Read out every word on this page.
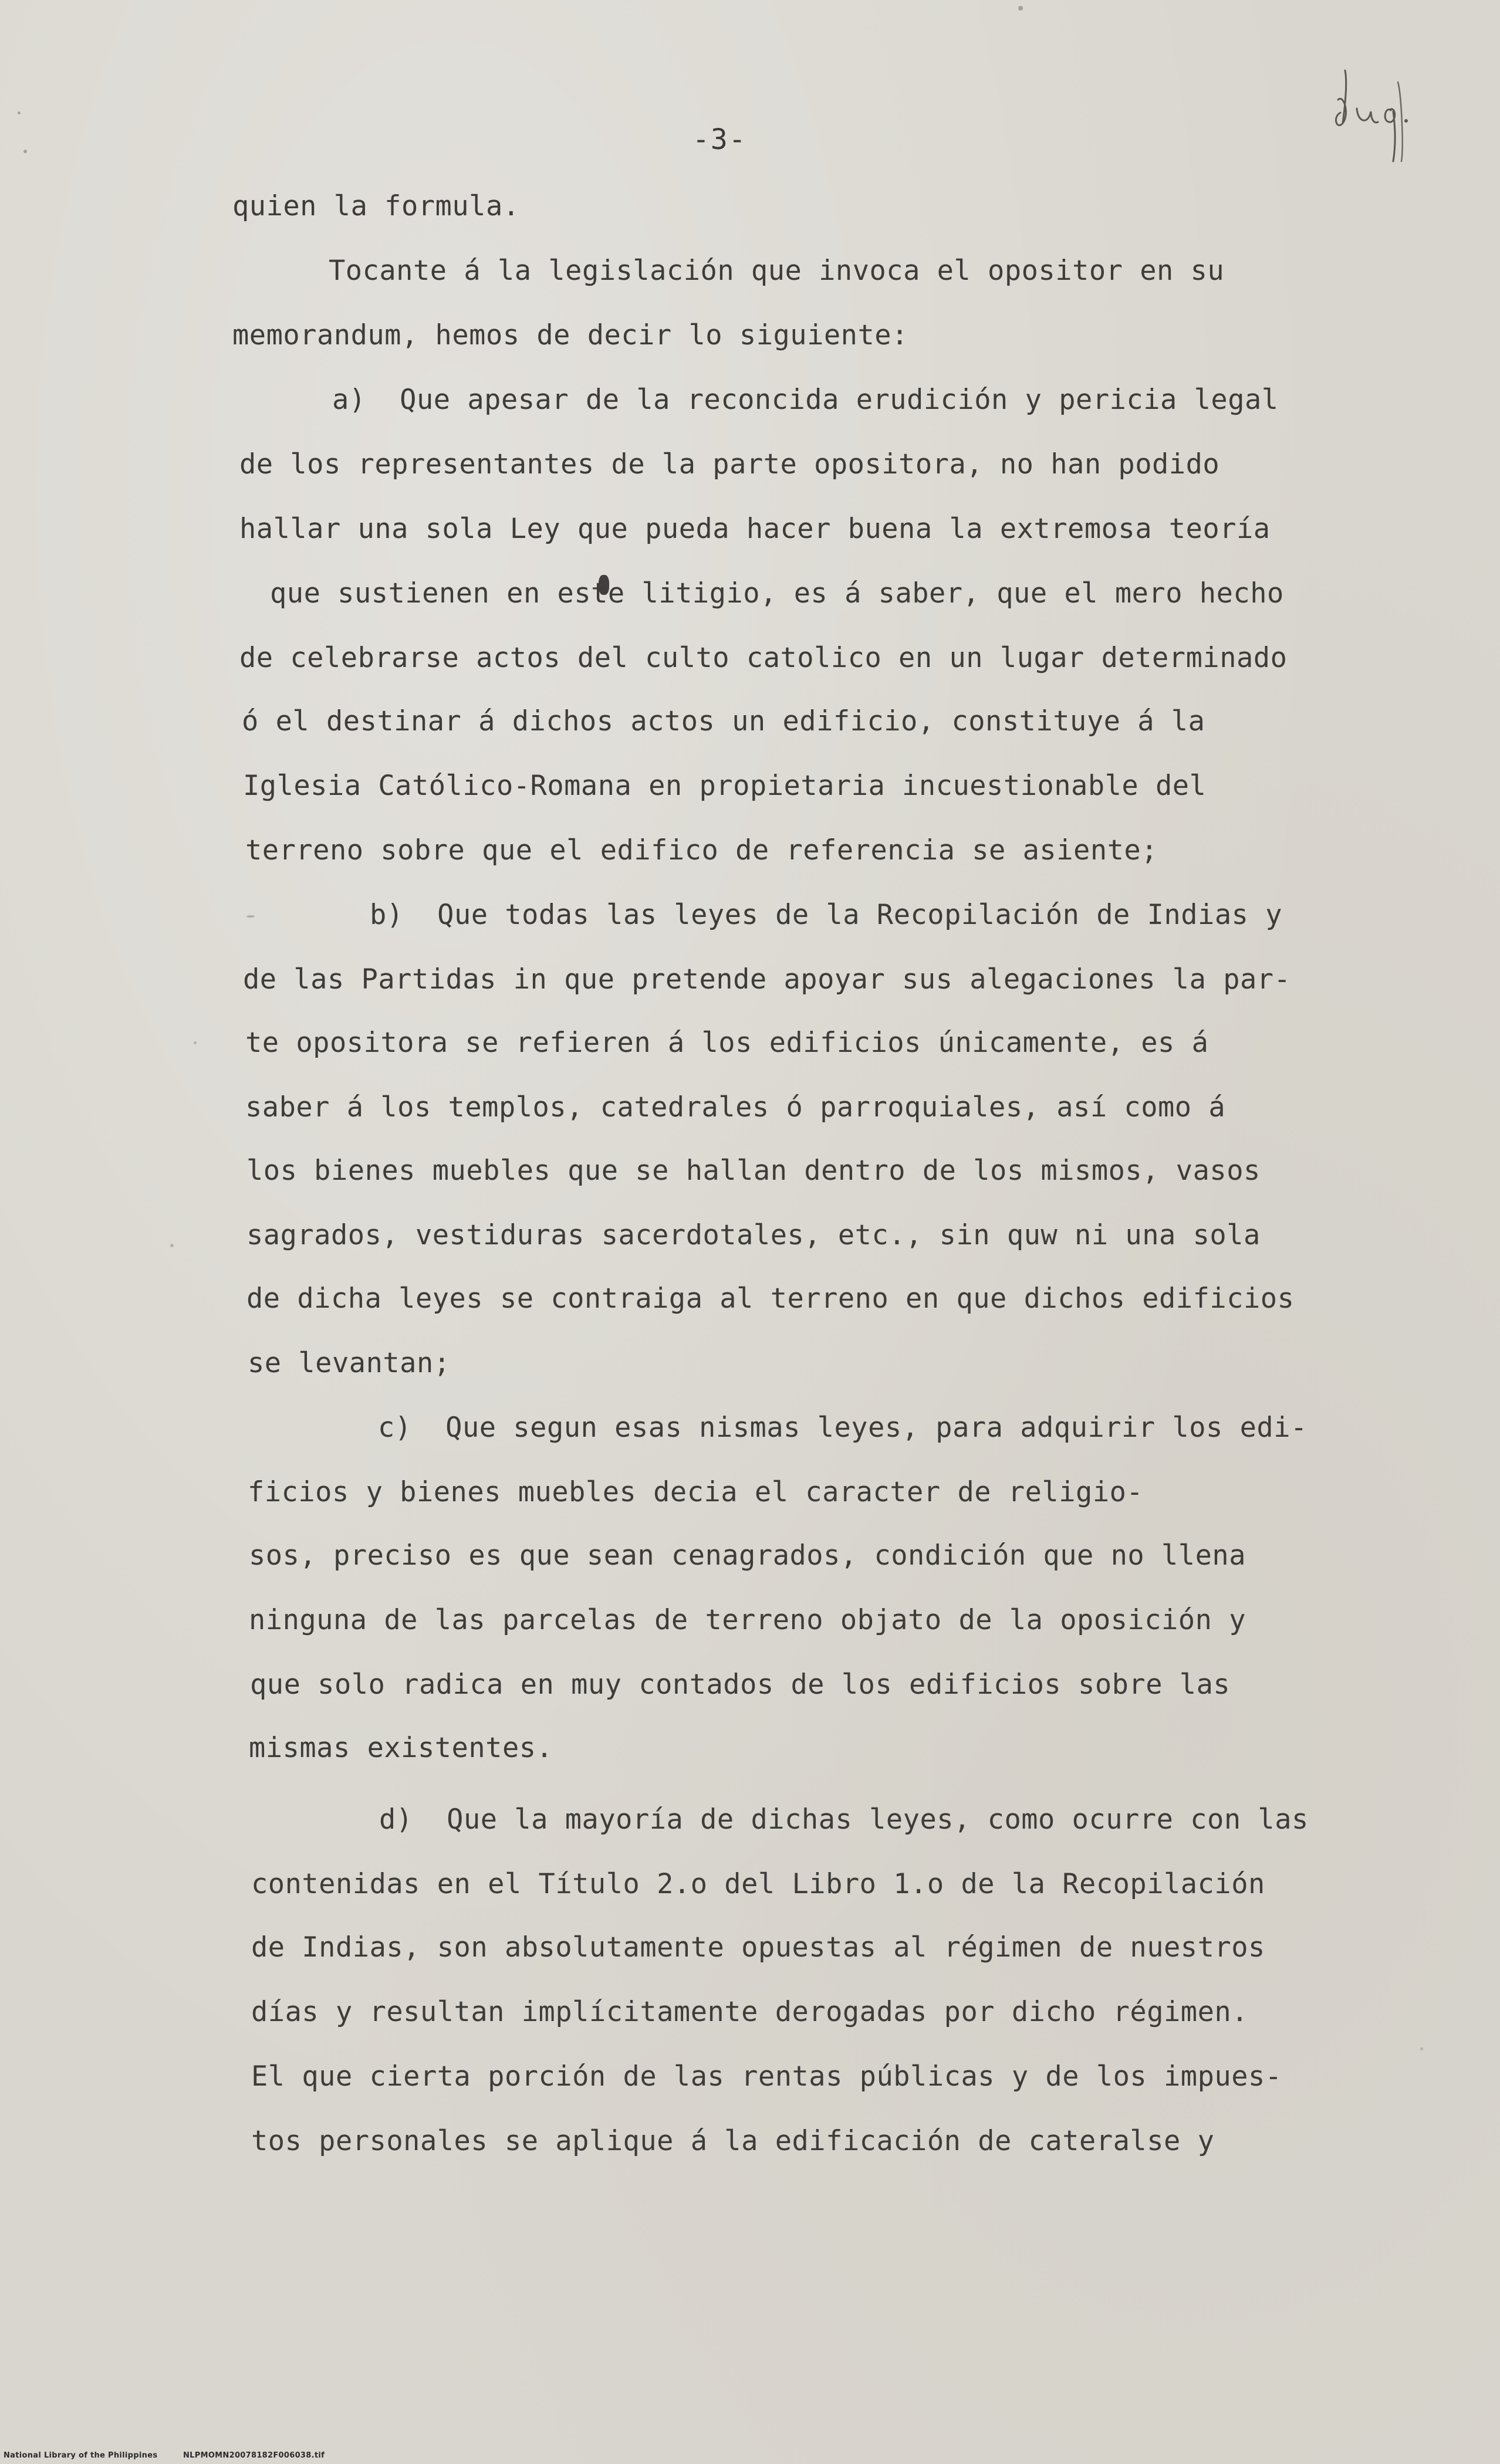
-3-
quien la formula.
Tocante á la legislación que invoca el opositor en su
memorandum, hemos de decir lo siguiente:
a)  Que apesar de la reconcida erudición y pericia legal
de los representantes de la parte opositora, no han podido
hallar una sola Ley que pueda hacer buena la extremosa teoría
que sustienen en este litigio, es á saber, que el mero hecho
de celebrarse actos del culto catolico en un lugar determinado
ó el destinar á dichos actos un edificio, constituye á la
Iglesia Católico-Romana en propietaria incuestionable del
terreno sobre que el edifico de referencia se asiente;
b)  Que todas las leyes de la Recopilación de Indias y
de las Partidas in que pretende apoyar sus alegaciones la par-
te opositora se refieren á los edificios únicamente, es á
saber á los templos, catedrales ó parroquiales, así como á
los bienes muebles que se hallan dentro de los mismos, vasos
sagrados, vestiduras sacerdotales, etc., sin quw ni una sola
de dicha leyes se contraiga al terreno en que dichos edificios
se levantan;
c)  Que segun esas nismas leyes, para adquirir los edi-
ficios y bienes muebles decia el caracter de religio-
sos, preciso es que sean cenagrados, condición que no llena
ninguna de las parcelas de terreno objato de la oposición y
que solo radica en muy contados de los edificios sobre las
mismas existentes.
d)  Que la mayoría de dichas leyes, como ocurre con las
contenidas en el Título 2.o del Libro 1.o de la Recopilación
de Indias, son absolutamente opuestas al régimen de nuestros
días y resultan implícitamente derogadas por dicho régimen.
El que cierta porción de las rentas públicas y de los impues-
tos personales se aplique á la edificación de cateralse y
National Library of the Philippines	NLPMOMN20078182F006038.tif
